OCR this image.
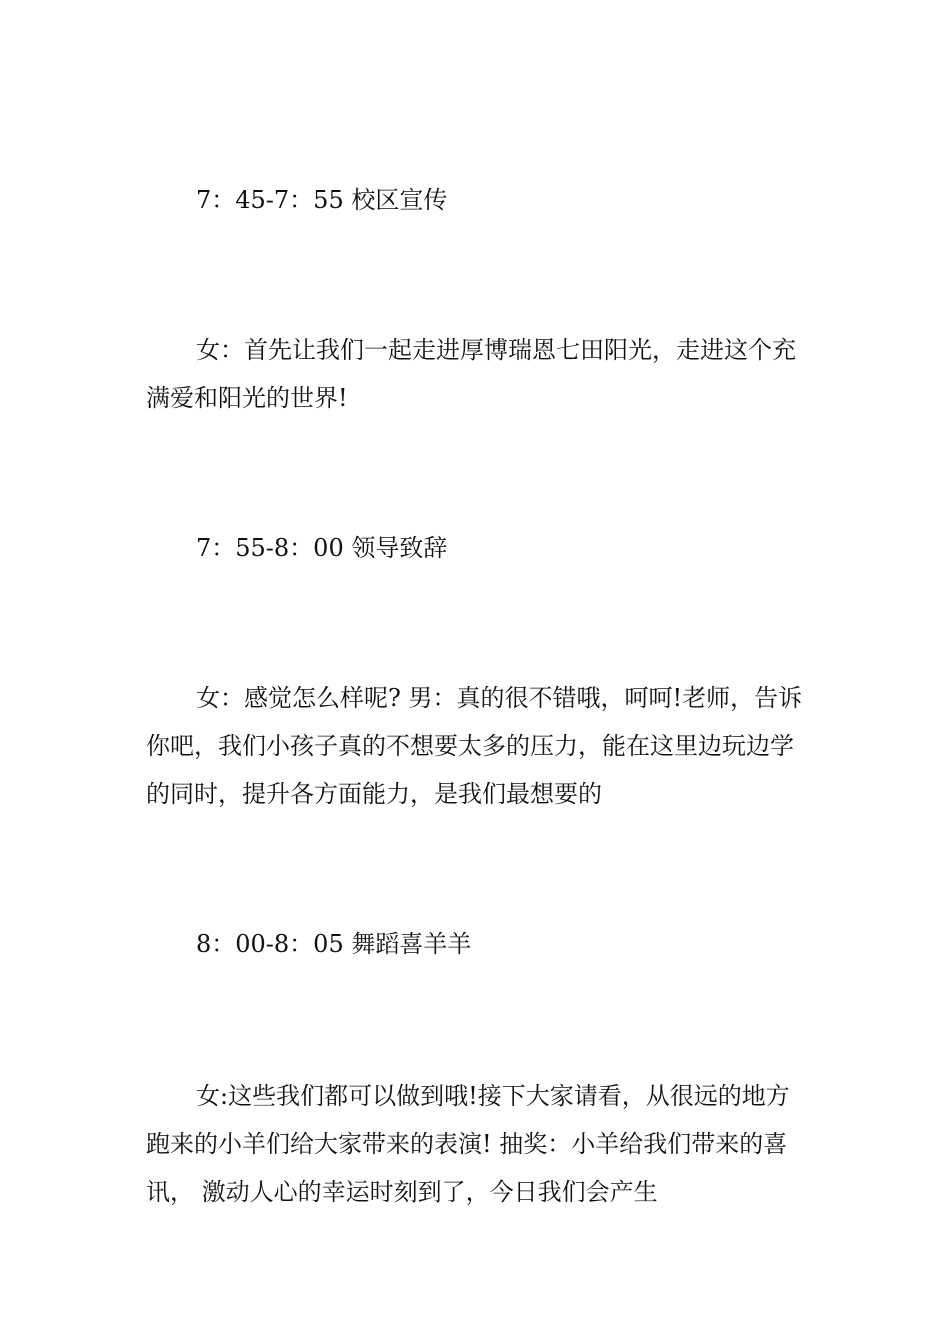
7：45-7：55 校区宣传
女：首先让我们一起走进厚博瑞恩七田阳光，走进这个充满爱和阳光的世界!
7：55-8：00 领导致辞
女：感觉怎么样呢? 男：真的很不错哦，呵呵!老师，告诉你吧，我们小孩子真的不想要太多的压力，能在这里边玩边学的同时，提升各方面能力，是我们最想要的
8：00-8：05 舞蹈喜羊羊
女:这些我们都可以做到哦!接下大家请看，从很远的地方跑来的小羊们给大家带来的表演! 抽奖：小羊给我们带来的喜讯， 激动人心的幸运时刻到了，今日我们会产生
